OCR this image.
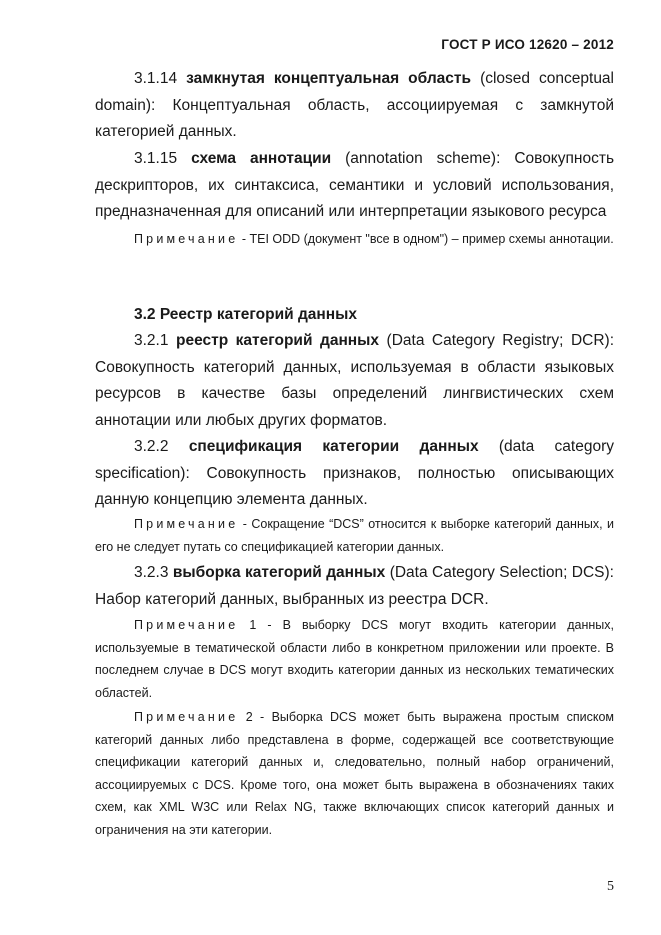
ГОСТ Р ИСО 12620 – 2012

3.1.14 замкнутая концептуальная область (closed conceptual domain): Концептуальная область, ассоциируемая с замкнутой категорией данных.

3.1.15 схема аннотации (annotation scheme): Совокупность дескрипторов, их синтаксиса, семантики и условий использования, предназначенная для описаний или интерпретации языкового ресурса

Примечание - TEI ODD (документ "все в одном") – пример схемы аннотации.

3.2 Реестр категорий данных

3.2.1 реестр категорий данных (Data Category Registry; DCR): Совокупность категорий данных, используемая в области языковых ресурсов в качестве базы определений лингвистических схем аннотации или любых других форматов.

3.2.2 спецификация категории данных (data category specification): Совокупность признаков, полностью описывающих данную концепцию элемента данных.

Примечание - Сокращение “DCS” относится к выборке категорий данных, и его не следует путать со спецификацией категории данных.

3.2.3 выборка категорий данных (Data Category Selection; DCS): Набор категорий данных, выбранных из реестра DCR.

Примечание 1 - В выборку DCS могут входить категории данных, используемые в тематической области либо в конкретном приложении или проекте. В последнем случае в DCS могут входить категории данных из нескольких тематических областей.

Примечание 2 - Выборка DCS может быть выражена простым списком категорий данных либо представлена в форме, содержащей все соответствующие спецификации категорий данных и, следовательно, полный набор ограничений, ассоциируемых с DCS. Кроме того, она может быть выражена в обозначениях таких схем, как XML W3C или Relax NG, также включающих список категорий данных и ограничения на эти категории.

5
